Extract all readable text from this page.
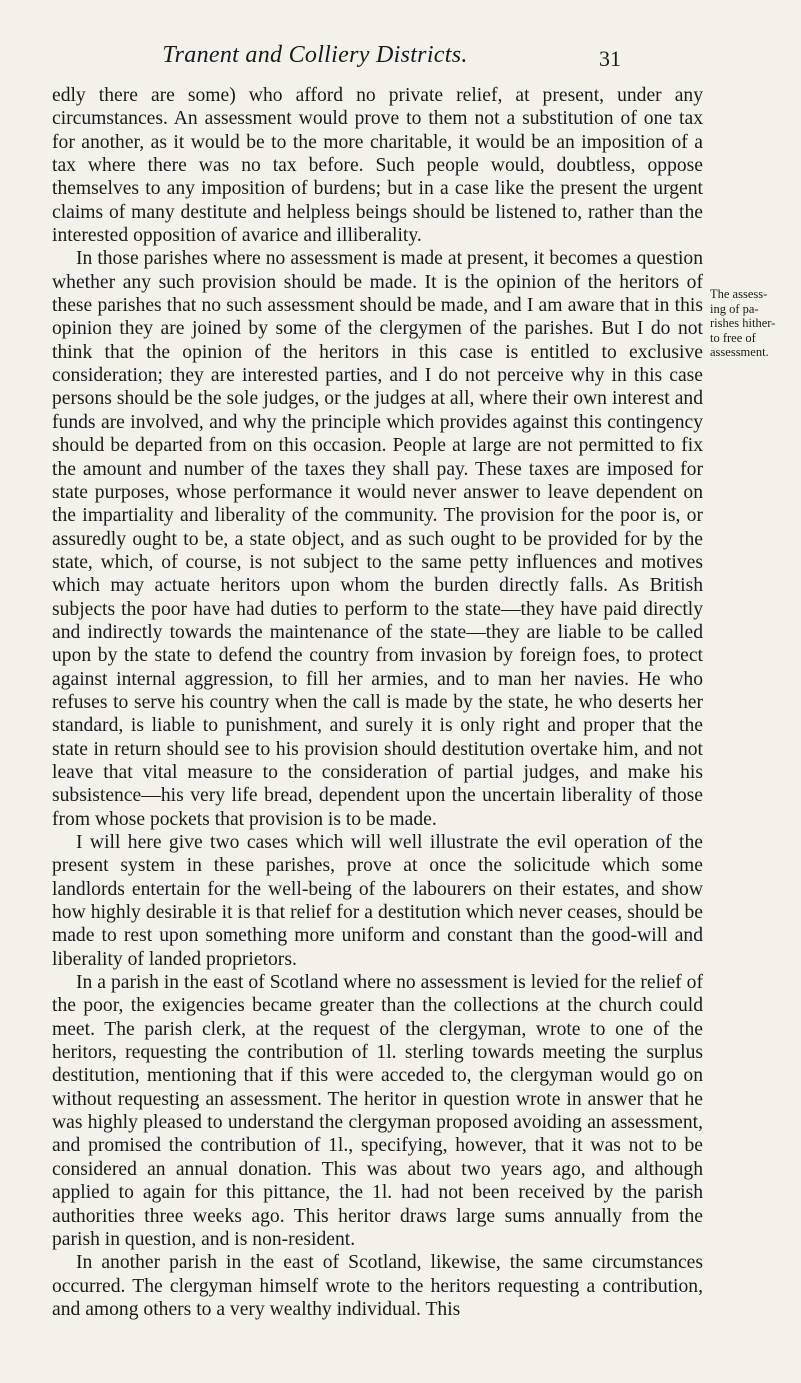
Tranent and Colliery Districts.	31

edly there are some) who afford no private relief, at present, under any circumstances. An assessment would prove to them not a substitution of one tax for another, as it would be to the more charitable, it would be an imposition of a tax where there was no tax before. Such people would, doubtless, oppose themselves to any imposition of burdens; but in a case like the present the urgent claims of many destitute and helpless beings should be listened to, rather than the interested opposition of avarice and illiberality.

In those parishes where no assessment is made at present, it becomes a question whether any such provision should be made. It is the opinion of the heritors of these parishes that no such assessment should be made, and I am aware that in this opinion they are joined by some of the clergymen of the parishes. But I do not think that the opinion of the heritors in this case is entitled to exclusive consideration; they are interested parties, and I do not perceive why in this case persons should be the sole judges, or the judges at all, where their own interest and funds are involved, and why the principle which provides against this contingency should be departed from on this occasion. People at large are not permitted to fix the amount and number of the taxes they shall pay. These taxes are imposed for state purposes, whose performance it would never answer to leave dependent on the impartiality and liberality of the community. The provision for the poor is, or assuredly ought to be, a state object, and as such ought to be provided for by the state, which, of course, is not subject to the same petty influences and motives which may actuate heritors upon whom the burden directly falls. As British subjects the poor have had duties to perform to the state—they have paid directly and indirectly towards the maintenance of the state—they are liable to be called upon by the state to defend the country from invasion by foreign foes, to protect against internal aggression, to fill her armies, and to man her navies. He who refuses to serve his country when the call is made by the state, he who deserts her standard, is liable to punishment, and surely it is only right and proper that the state in return should see to his provision should destitution overtake him, and not leave that vital measure to the consideration of partial judges, and make his subsistence—his very life bread, dependent upon the uncertain liberality of those from whose pockets that provision is to be made.

I will here give two cases which will well illustrate the evil operation of the present system in these parishes, prove at once the solicitude which some landlords entertain for the well-being of the labourers on their estates, and show how highly desirable it is that relief for a destitution which never ceases, should be made to rest upon something more uniform and constant than the good-will and liberality of landed proprietors.

In a parish in the east of Scotland where no assessment is levied for the relief of the poor, the exigencies became greater than the collections at the church could meet. The parish clerk, at the request of the clergyman, wrote to one of the heritors, requesting the contribution of 1l. sterling towards meeting the surplus destitution, mentioning that if this were acceded to, the clergyman would go on without requesting an assessment. The heritor in question wrote in answer that he was highly pleased to understand the clergyman proposed avoiding an assessment, and promised the contribution of 1l., specifying, however, that it was not to be considered an annual donation. This was about two years ago, and although applied to again for this pittance, the 1l. had not been received by the parish authorities three weeks ago. This heritor draws large sums annually from the parish in question, and is non-resident.

In another parish in the east of Scotland, likewise, the same circumstances occurred. The clergyman himself wrote to the heritors requesting a contribution, and among others to a very wealthy individual. This

The assess-
ing of pa-
rishes hither-
to free of
assessment.
